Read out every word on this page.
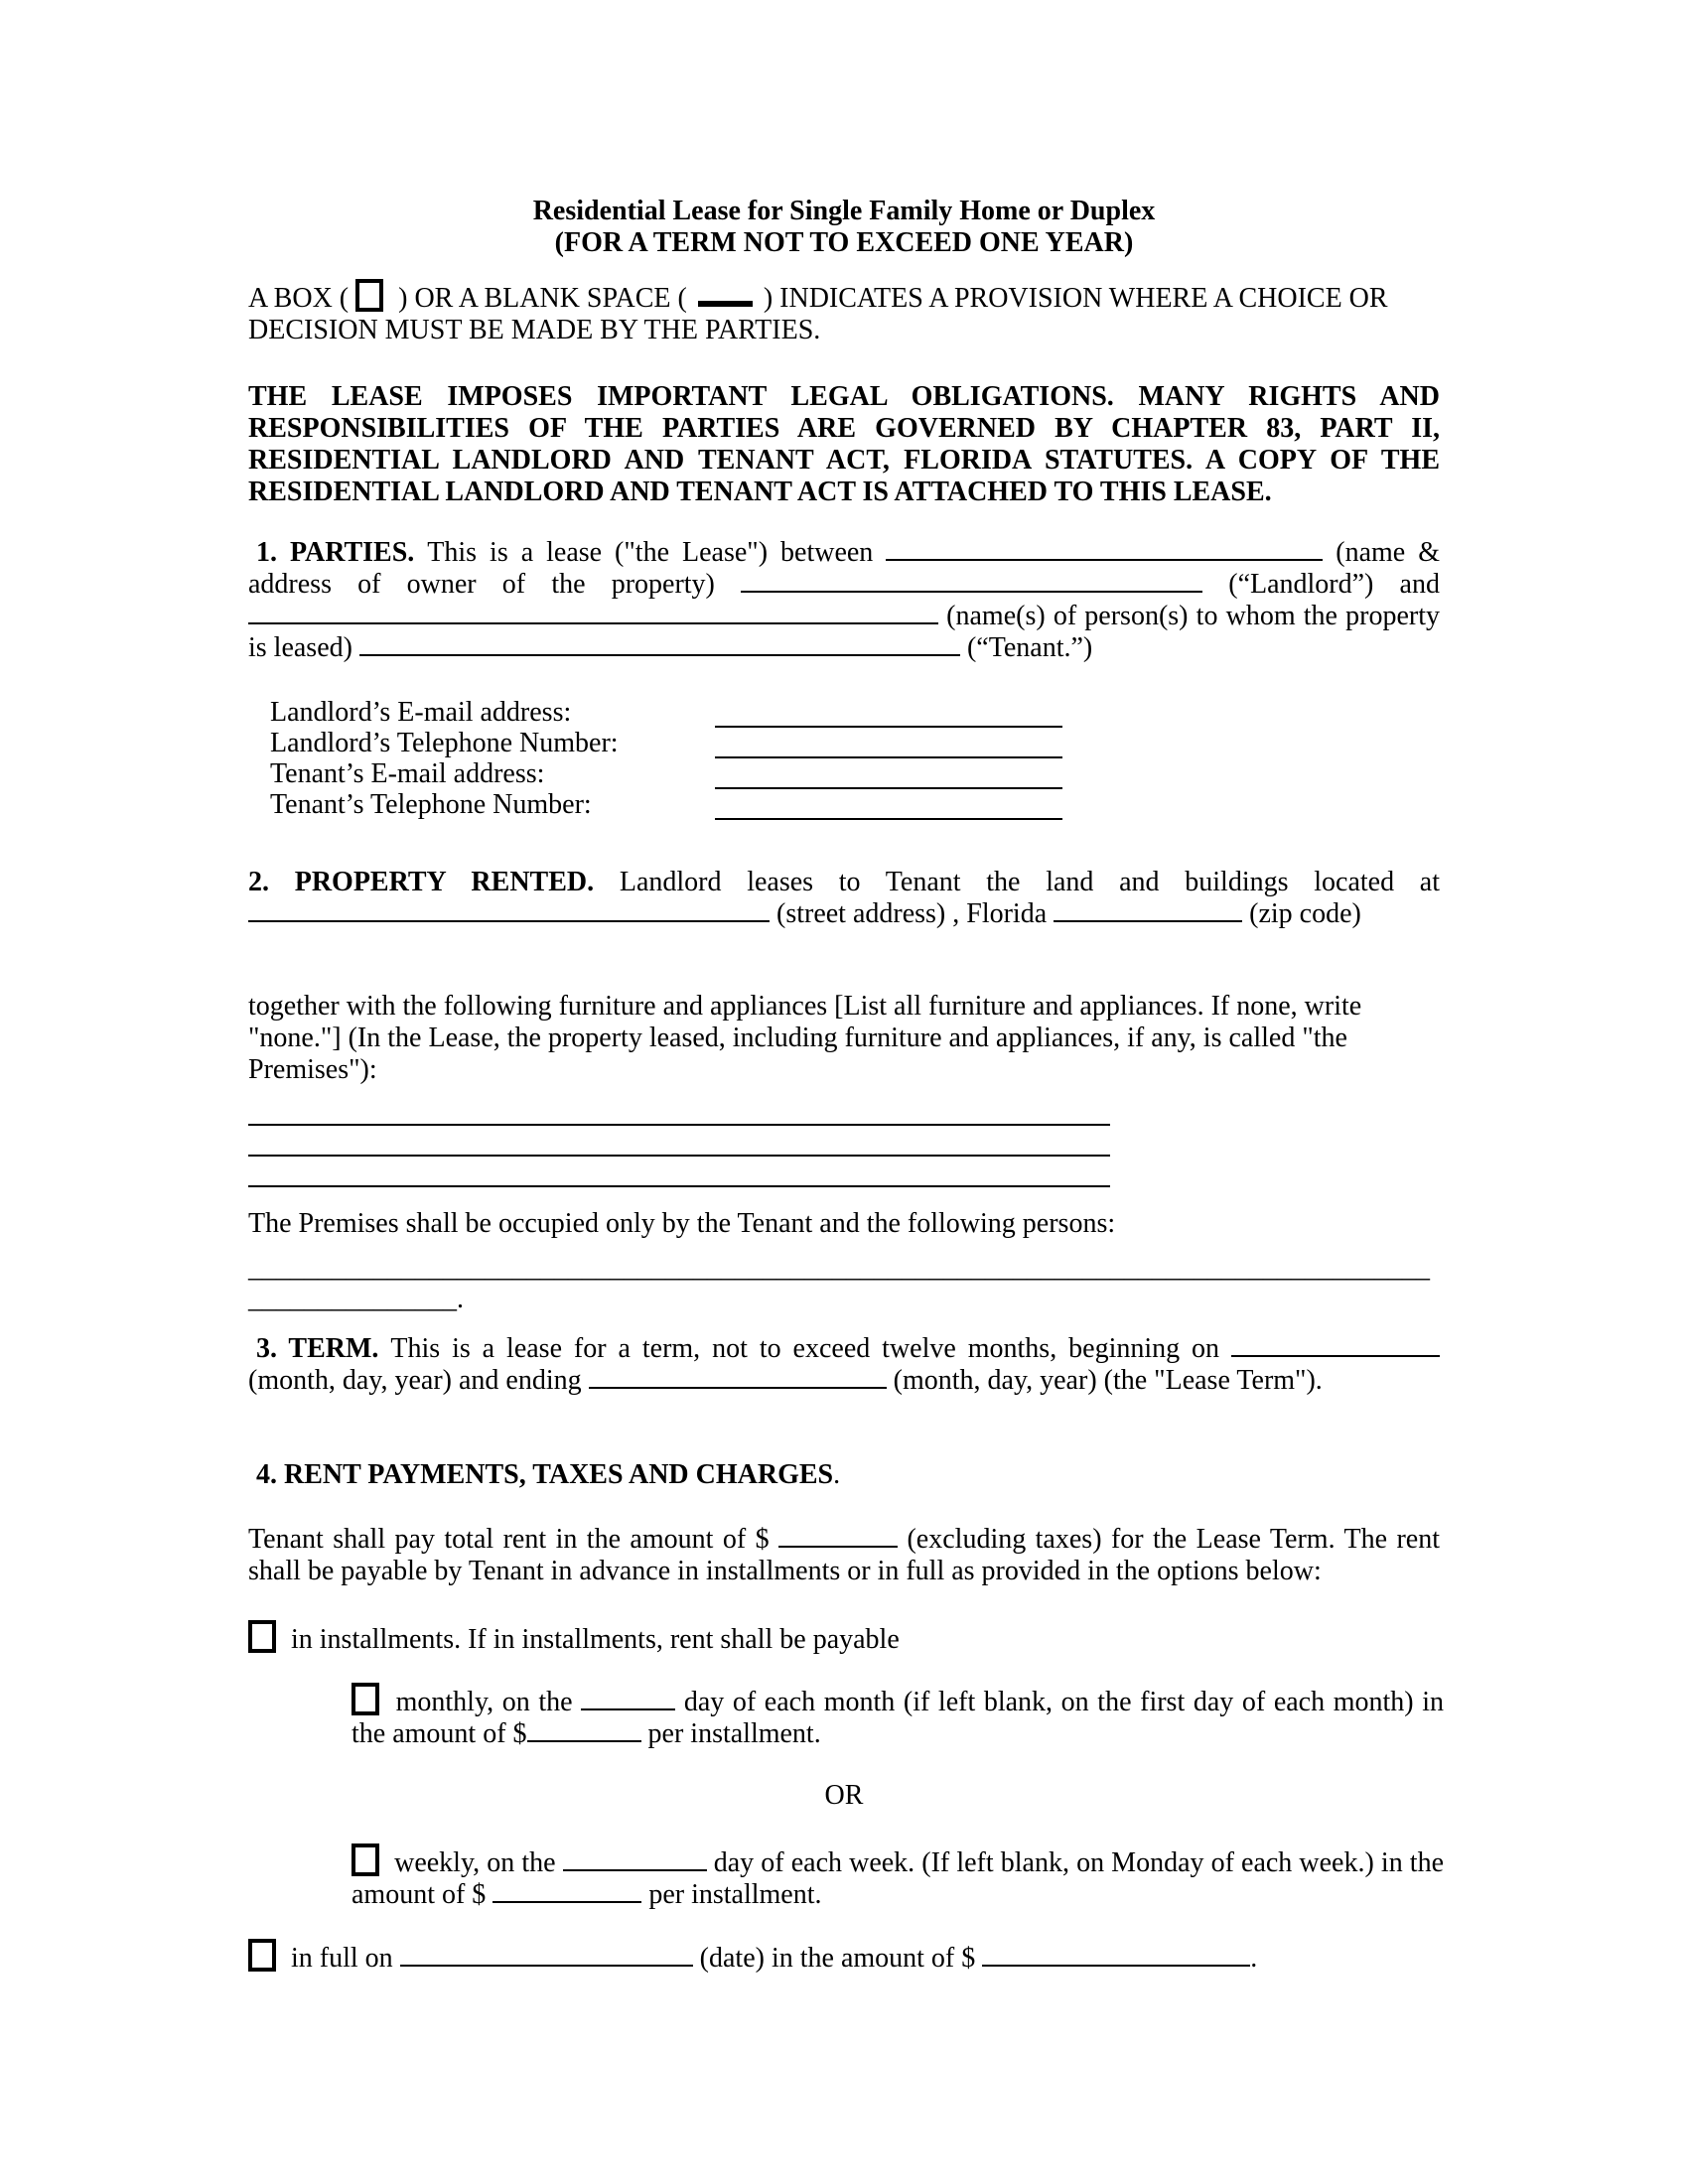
Residential Lease for Single Family Home or Duplex
(FOR A TERM NOT TO EXCEED ONE YEAR)

A BOX (  ) OR A BLANK SPACE (  ) INDICATES A PROVISION WHERE A CHOICE OR DECISION MUST BE MADE BY THE PARTIES.

THE LEASE IMPOSES IMPORTANT LEGAL OBLIGATIONS. MANY RIGHTS AND RESPONSIBILITIES OF THE PARTIES ARE GOVERNED BY CHAPTER 83, PART II, RESIDENTIAL LANDLORD AND TENANT ACT, FLORIDA STATUTES. A COPY OF THE RESIDENTIAL LANDLORD AND TENANT ACT IS ATTACHED TO THIS LEASE.

1. PARTIES. This is a lease ("the Lease") between	(name & address of owner of the property)	(“Landlord”) and  (name(s) of person(s) to whom the property is leased)	(“Tenant.”)

Landlord’s E-mail address:
Landlord’s Telephone Number:
Tenant’s E-mail address:
Tenant’s Telephone Number:

2. PROPERTY RENTED. Landlord leases to Tenant the land and buildings located at  (street address) , Florida	(zip code)

together with the following furniture and appliances [List all furniture and appliances. If none, write "none."] (In the Lease, the property leased, including furniture and appliances, if any, is called "the Premises"):

The Premises shall be occupied only by the Tenant and the following persons:

_____________________________________________________________________________________
_______________.

3. TERM. This is a lease for a term, not to exceed twelve months, beginning on  (month, day, year) and ending	(month, day, year) (the "Lease Term").

4. RENT PAYMENTS, TAXES AND CHARGES.

Tenant shall pay total rent in the amount of $	(excluding taxes) for the Lease Term. The rent shall be payable by Tenant in advance in installments or in full as provided in the options below:

in installments. If in installments, rent shall be payable

monthly, on the	day of each month (if left blank, on the first day of each month) in the amount of $	per installment.

OR

weekly, on the	day of each week. (If left blank, on Monday of each week.) in the amount of $	per installment.

in full on	(date) in the amount of $	.
